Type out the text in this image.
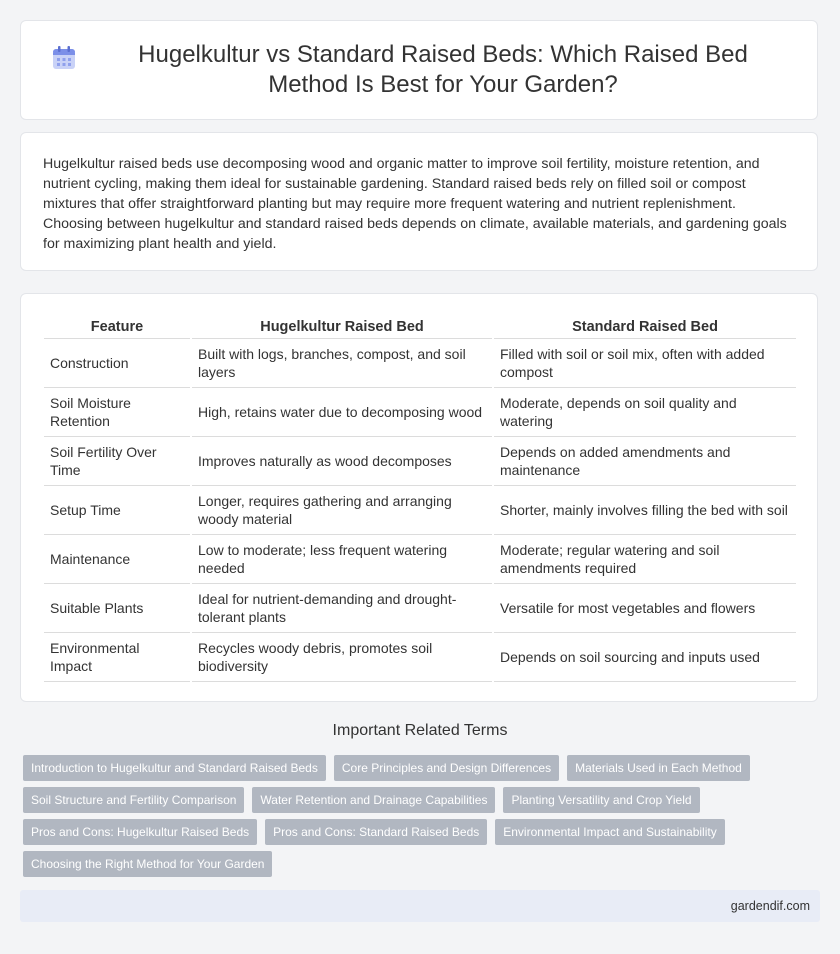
Hugelkultur vs Standard Raised Beds: Which Raised Bed Method Is Best for Your Garden?

Hugelkultur raised beds use decomposing wood and organic matter to improve soil fertility, moisture retention, and nutrient cycling, making them ideal for sustainable gardening. Standard raised beds rely on filled soil or compost mixtures that offer straightforward planting but may require more frequent watering and nutrient replenishment. Choosing between hugelkultur and standard raised beds depends on climate, available materials, and gardening goals for maximizing plant health and yield.

Feature	Hugelkultur Raised Bed	Standard Raised Bed
Construction	Built with logs, branches, compost, and soil layers	Filled with soil or soil mix, often with added compost
Soil Moisture Retention	High, retains water due to decomposing wood	Moderate, depends on soil quality and watering
Soil Fertility Over Time	Improves naturally as wood decomposes	Depends on added amendments and maintenance
Setup Time	Longer, requires gathering and arranging woody material	Shorter, mainly involves filling the bed with soil
Maintenance	Low to moderate; less frequent watering needed	Moderate; regular watering and soil amendments required
Suitable Plants	Ideal for nutrient-demanding and drought-tolerant plants	Versatile for most vegetables and flowers
Environmental Impact	Recycles woody debris, promotes soil biodiversity	Depends on soil sourcing and inputs used
Important Related Terms
Introduction to Hugelkultur and Standard Raised Beds	Core Principles and Design Differences	Materials Used in Each Method
Soil Structure and Fertility Comparison	Water Retention and Drainage Capabilities	Planting Versatility and Crop Yield
Pros and Cons: Hugelkultur Raised Beds	Pros and Cons: Standard Raised Beds	Environmental Impact and Sustainability
Choosing the Right Method for Your Garden
gardendif.com
